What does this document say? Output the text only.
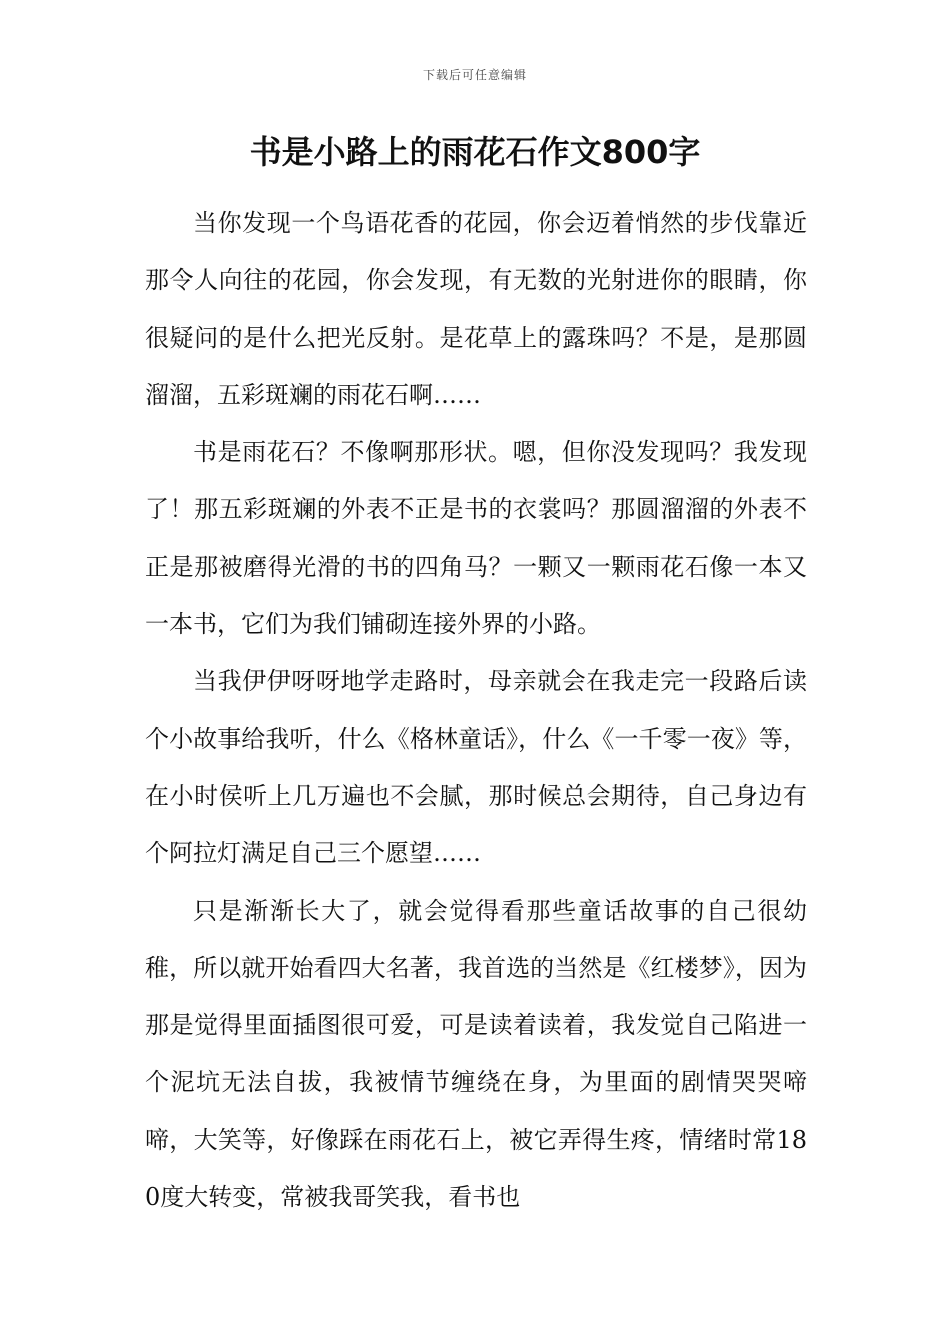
下载后可任意编辑
书是小路上的雨花石作文800字

当你发现一个鸟语花香的花园，你会迈着悄然的步伐靠近那令人向往的花园，你会发现，有无数的光射进你的眼睛，你很疑问的是什么把光反射。是花草上的露珠吗？不是，是那圆溜溜，五彩斑斓的雨花石啊……

书是雨花石？不像啊那形状。嗯，但你没发现吗？我发现了！那五彩斑斓的外表不正是书的衣裳吗？那圆溜溜的外表不正是那被磨得光滑的书的四角马？一颗又一颗雨花石像一本又一本书，它们为我们铺砌连接外界的小路。

当我伊伊呀呀地学走路时，母亲就会在我走完一段路后读个小故事给我听，什么《格林童话》，什么《一千零一夜》等，在小时侯听上几万遍也不会腻，那时候总会期待，自己身边有个阿拉灯满足自己三个愿望……

只是渐渐长大了，就会觉得看那些童话故事的自己很幼稚，所以就开始看四大名著，我首选的当然是《红楼梦》，因为那是觉得里面插图很可爱，可是读着读着，我发觉自己陷进一个泥坑无法自拔，我被情节缠绕在身，为里面的剧情哭哭啼啼，大笑等，好像踩在雨花石上，被它弄得生疼，情绪时常180度大转变，常被我哥笑我，看书也
